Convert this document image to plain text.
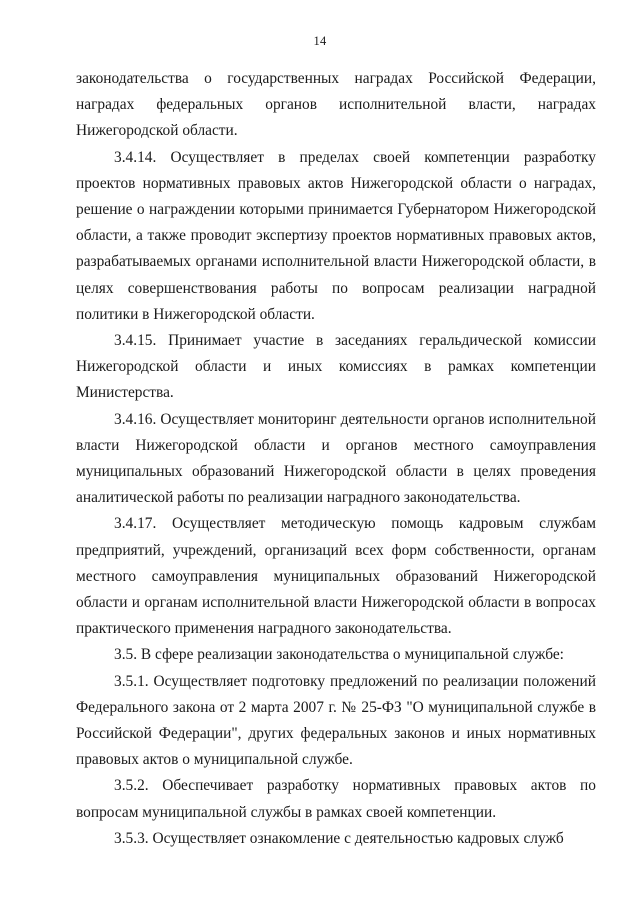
14

законодательства о государственных наградах Российской Федерации, наградах федеральных органов исполнительной власти, наградах Нижегородской области.

3.4.14. Осуществляет в пределах своей компетенции разработку проектов нормативных правовых актов Нижегородской области о наградах, решение о награждении которыми принимается Губернатором Нижегородской области, а также проводит экспертизу проектов нормативных правовых актов, разрабатываемых органами исполнительной власти Нижегородской области, в целях совершенствования работы по вопросам реализации наградной политики в Нижегородской области.

3.4.15. Принимает участие в заседаниях геральдической комиссии Нижегородской области и иных комиссиях в рамках компетенции Министерства.

3.4.16. Осуществляет мониторинг деятельности органов исполнительной власти Нижегородской области и органов местного самоуправления муниципальных образований Нижегородской области в целях проведения аналитической работы по реализации наградного законодательства.

3.4.17. Осуществляет методическую помощь кадровым службам предприятий, учреждений, организаций всех форм собственности, органам местного самоуправления муниципальных образований Нижегородской области и органам исполнительной власти Нижегородской области в вопросах практического применения наградного законодательства.

3.5. В сфере реализации законодательства о муниципальной службе:

3.5.1. Осуществляет подготовку предложений по реализации положений Федерального закона от 2 марта 2007 г. № 25-ФЗ "О муниципальной службе в Российской Федерации", других федеральных законов и иных нормативных правовых актов о муниципальной службе.

3.5.2. Обеспечивает разработку нормативных правовых актов по вопросам муниципальной службы в рамках своей компетенции.

3.5.3. Осуществляет ознакомление с деятельностью кадровых служб
